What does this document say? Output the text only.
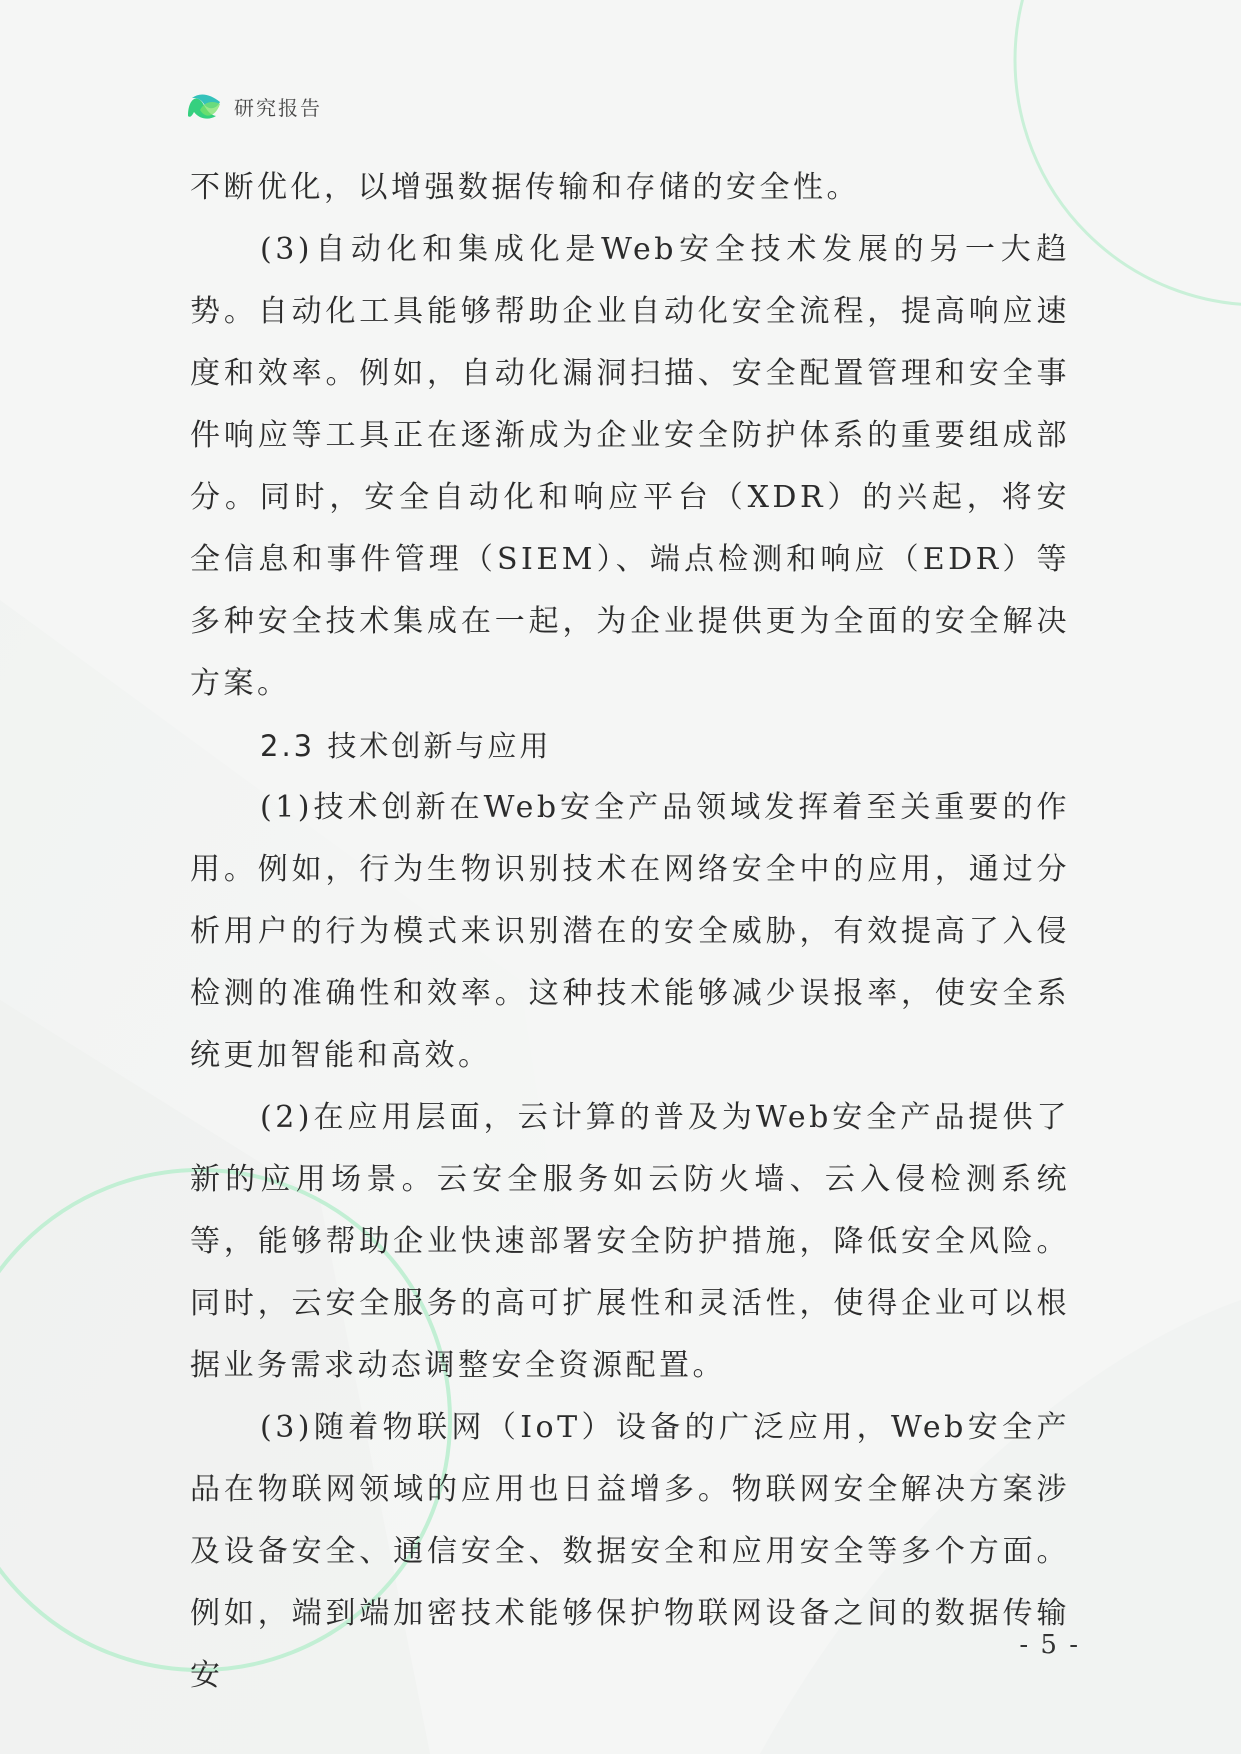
研究报告

不断优化，以增强数据传输和存储的安全性。

(3)自动化和集成化是Web安全技术发展的另一大趋势。自动化工具能够帮助企业自动化安全流程，提高响应速度和效率。例如，自动化漏洞扫描、安全配置管理和安全事件响应等工具正在逐渐成为企业安全防护体系的重要组成部分。同时，安全自动化和响应平台（XDR）的兴起，将安全信息和事件管理（SIEM）、端点检测和响应（EDR）等多种安全技术集成在一起，为企业提供更为全面的安全解决方案。

2.3 技术创新与应用

(1)技术创新在Web安全产品领域发挥着至关重要的作用。例如，行为生物识别技术在网络安全中的应用，通过分析用户的行为模式来识别潜在的安全威胁，有效提高了入侵检测的准确性和效率。这种技术能够减少误报率，使安全系统更加智能和高效。

(2)在应用层面，云计算的普及为Web安全产品提供了新的应用场景。云安全服务如云防火墙、云入侵检测系统等，能够帮助企业快速部署安全防护措施，降低安全风险。同时，云安全服务的高可扩展性和灵活性，使得企业可以根据业务需求动态调整安全资源配置。

(3)随着物联网（IoT）设备的广泛应用，Web安全产品在物联网领域的应用也日益增多。物联网安全解决方案涉及设备安全、通信安全、数据安全和应用安全等多个方面。例如，端到端加密技术能够保护物联网设备之间的数据传输安

- 5 -
